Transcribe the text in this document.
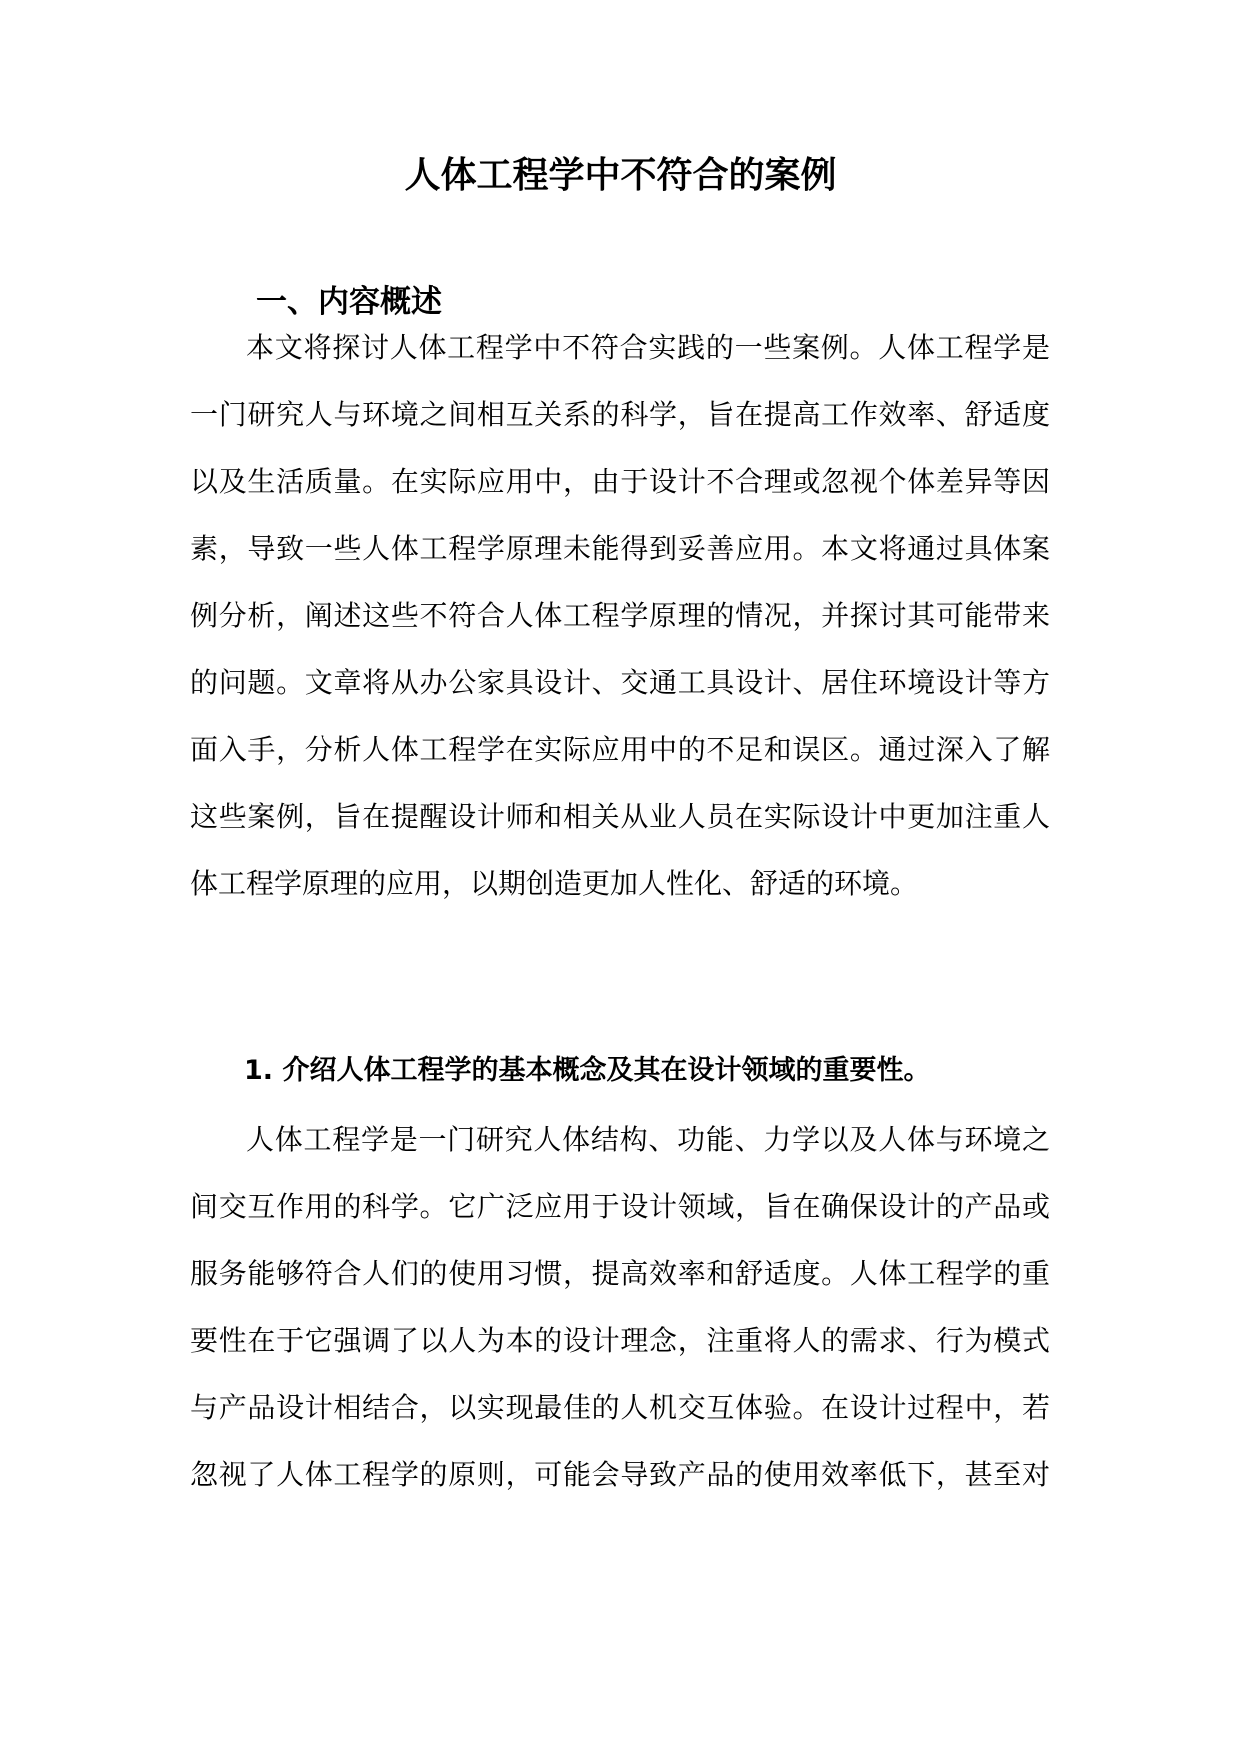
人体工程学中不符合的案例
一、内容概述
本文将探讨人体工程学中不符合实践的一些案例。人体工程学是
一门研究人与环境之间相互关系的科学，旨在提高工作效率、舒适度
以及生活质量。在实际应用中，由于设计不合理或忽视个体差异等因
素，导致一些人体工程学原理未能得到妥善应用。本文将通过具体案
例分析，阐述这些不符合人体工程学原理的情况，并探讨其可能带来
的问题。文章将从办公家具设计、交通工具设计、居住环境设计等方
面入手，分析人体工程学在实际应用中的不足和误区。通过深入了解
这些案例，旨在提醒设计师和相关从业人员在实际设计中更加注重人
体工程学原理的应用，以期创造更加人性化、舒适的环境。
1. 介绍人体工程学的基本概念及其在设计领域的重要性。
人体工程学是一门研究人体结构、功能、力学以及人体与环境之
间交互作用的科学。它广泛应用于设计领域，旨在确保设计的产品或
服务能够符合人们的使用习惯，提高效率和舒适度。人体工程学的重
要性在于它强调了以人为本的设计理念，注重将人的需求、行为模式
与产品设计相结合，以实现最佳的人机交互体验。在设计过程中，若
忽视了人体工程学的原则，可能会导致产品的使用效率低下，甚至对
